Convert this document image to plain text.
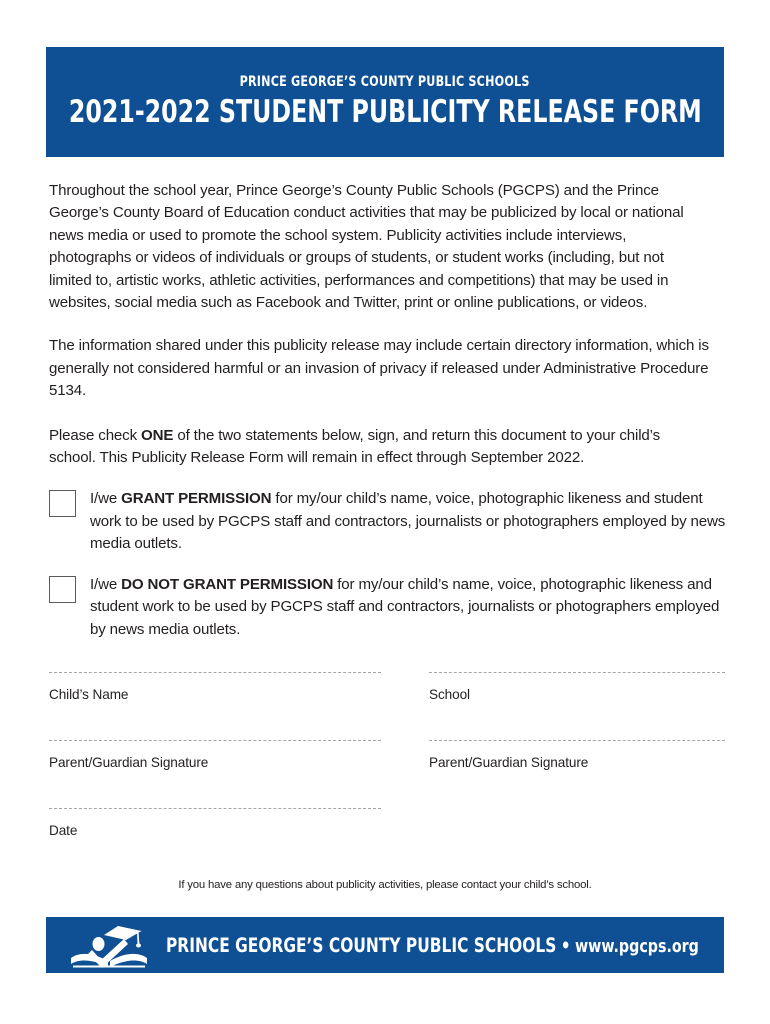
PRINCE GEORGE’S COUNTY PUBLIC SCHOOLS
2021-2022 STUDENT PUBLICITY RELEASE FORM

Throughout the school year, Prince George’s County Public Schools (PGCPS) and the Prince George’s County Board of Education conduct activities that may be publicized by local or national news media or used to promote the school system. Publicity activities include interviews, photographs or videos of individuals or groups of students, or student works (including, but not limited to, artistic works, athletic activities, performances and competitions) that may be used in websites, social media such as Facebook and Twitter, print or online publications, or videos.

The information shared under this publicity release may include certain directory information, which is generally not considered harmful or an invasion of privacy if released under Administrative Procedure 5134.

Please check ONE of the two statements below, sign, and return this document to your child’s school. This Publicity Release Form will remain in effect through September 2022.

I/we GRANT PERMISSION for my/our child’s name, voice, photographic likeness and student work to be used by PGCPS staff and contractors, journalists or photographers employed by news media outlets.
I/we DO NOT GRANT PERMISSION for my/our child’s name, voice, photographic likeness and student work to be used by PGCPS staff and contractors, journalists or photographers employed by news media outlets.
Child’s Name	School
Parent/Guardian Signature	Parent/Guardian Signature
Date
If you have any questions about publicity activities, please contact your child’s school.
PRINCE GEORGE’S COUNTY PUBLIC SCHOOLS • www.pgcps.org
